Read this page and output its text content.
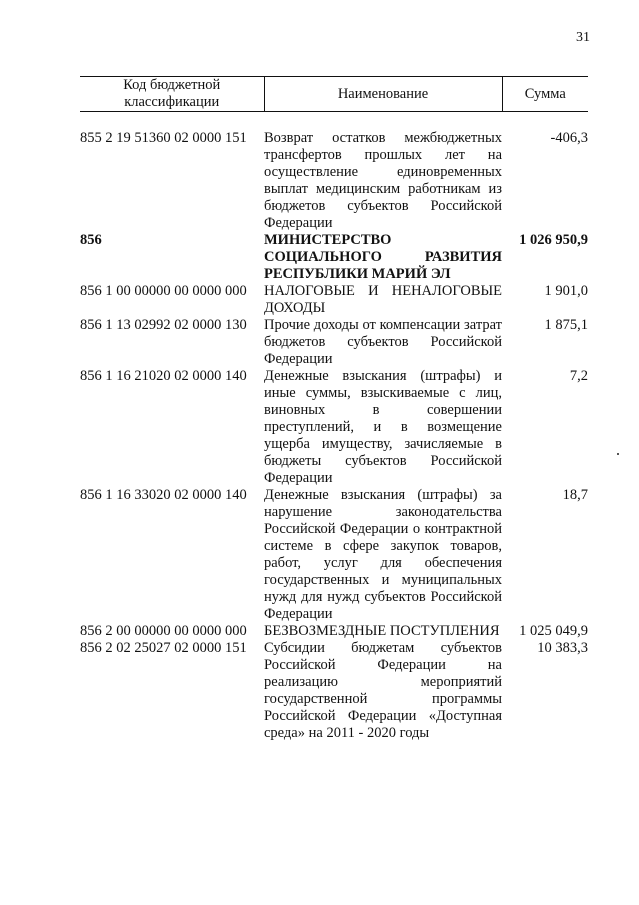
31
Код бюджетной классификации	Наименование	Сумма

855 2 19 51360 02 0000 151	Возврат остатков межбюджетных трансфертов прошлых лет на осуществление единовременных выплат медицинским работникам из бюджетов субъектов Российской Федерации	-406,3
856	МИНИСТЕРСТВО СОЦИАЛЬНОГО РАЗВИТИЯ РЕСПУБЛИКИ МАРИЙ ЭЛ	1 026 950,9
856 1 00 00000 00 0000 000	НАЛОГОВЫЕ И НЕНАЛОГОВЫЕ ДОХОДЫ	1 901,0
856 1 13 02992 02 0000 130	Прочие доходы от компенсации затрат бюджетов субъектов Российской Федерации	1 875,1
856 1 16 21020 02 0000 140	Денежные взыскания (штрафы) и иные суммы, взыскиваемые с лиц, виновных в совершении преступлений, и в возмещение ущерба имуществу, зачисляемые в бюджеты субъектов Российской Федерации	7,2
856 1 16 33020 02 0000 140	Денежные взыскания (штрафы) за нарушение законодательства Российской Федерации о контрактной системе в сфере закупок товаров, работ, услуг для обеспечения государственных и муниципальных нужд для нужд субъектов Российской Федерации	18,7
856 2 00 00000 00 0000 000	БЕЗВОЗМЕЗДНЫЕ ПОСТУПЛЕНИЯ	1 025 049,9
856 2 02 25027 02 0000 151	Субсидии бюджетам субъектов Российской Федерации на реализацию мероприятий государственной программы Российской Федерации «Доступная среда» на 2011 - 2020 годы	10 383,3
